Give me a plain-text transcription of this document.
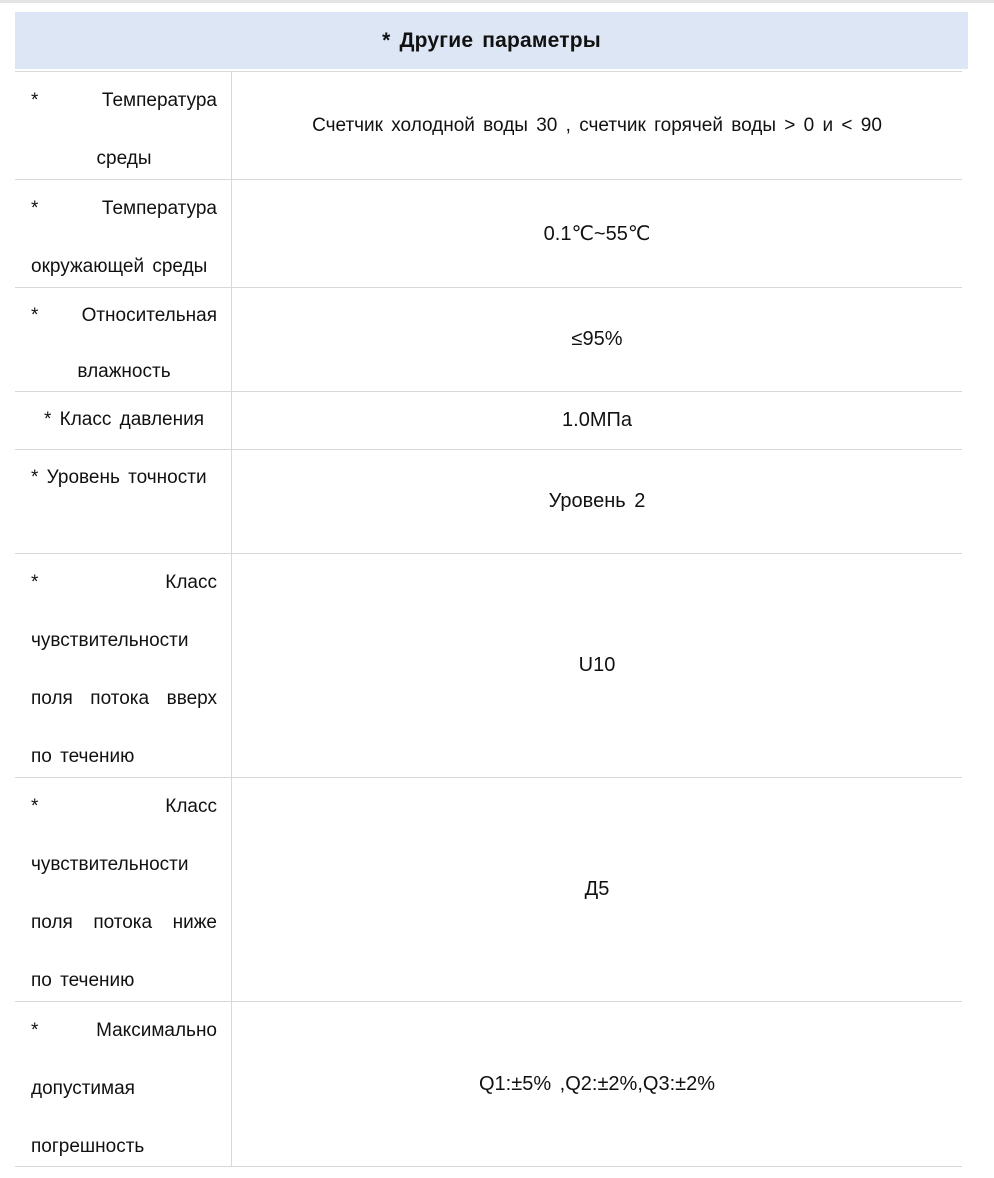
* Другие параметры
* Температура среды
Счетчик холодной воды 30 , счетчик горячей воды > 0 и < 90
* Температура окружающей среды
0.1℃~55℃
* Относительная влажность
≤95%
* Класс давления	1.0МПа
* Уровень точности
Уровень 2
* Класс чувствительности поля потока вверх по течению
U10
* Класс чувствительности поля потока ниже по течению
Д5
* Максимально допустимая погрешность
Q1:±5% ,Q2:±2%,Q3:±2%
